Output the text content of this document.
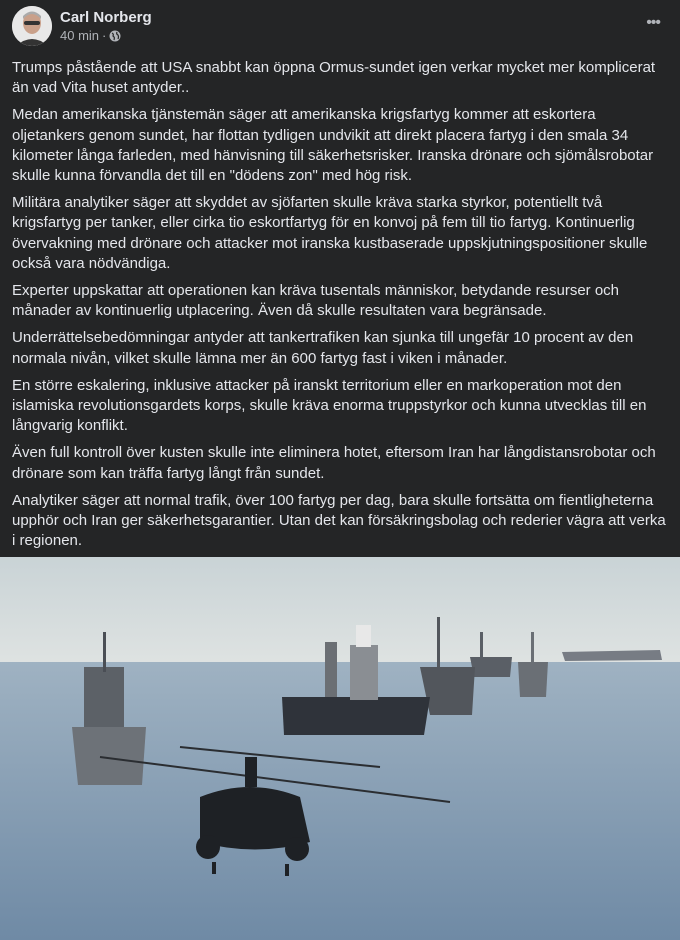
Carl Norberg
40 min ·
•••

Trumps påstående att USA snabbt kan öppna Ormus-sundet igen verkar mycket mer komplicerat än vad Vita huset antyder..

Medan amerikanska tjänstemän säger att amerikanska krigsfartyg kommer att eskortera oljetankers genom sundet, har flottan tydligen undvikit att direkt placera fartyg i den smala 34 kilometer långa farleden, med hänvisning till säkerhetsrisker. Iranska drönare och sjömålsrobotar skulle kunna förvandla det till en "dödens zon" med hög risk.

Militära analytiker säger att skyddet av sjöfarten skulle kräva starka styrkor, potentiellt två krigsfartyg per tanker, eller cirka tio eskortfartyg för en konvoj på fem till tio fartyg. Kontinuerlig övervakning med drönare och attacker mot iranska kustbaserade uppskjutningspositioner skulle också vara nödvändiga.

Experter uppskattar att operationen kan kräva tusentals människor, betydande resurser och månader av kontinuerlig utplacering. Även då skulle resultaten vara begränsade.

Underrättelsebedömningar antyder att tankertrafiken kan sjunka till ungefär 10 procent av den normala nivån, vilket skulle lämna mer än 600 fartyg fast i viken i månader.

En större eskalering, inklusive attacker på iranskt territorium eller en markoperation mot den islamiska revolutionsgardets korps, skulle kräva enorma truppstyrkor och kunna utvecklas till en långvarig konflikt.

Även full kontroll över kusten skulle inte eliminera hotet, eftersom Iran har långdistansrobotar och drönare som kan träffa fartyg långt från sundet.

Analytiker säger att normal trafik, över 100 fartyg per dag, bara skulle fortsätta om fientligheterna upphör och Iran ger säkerhetsgarantier. Utan det kan försäkringsbolag och rederier vägra att verka i regionen.
